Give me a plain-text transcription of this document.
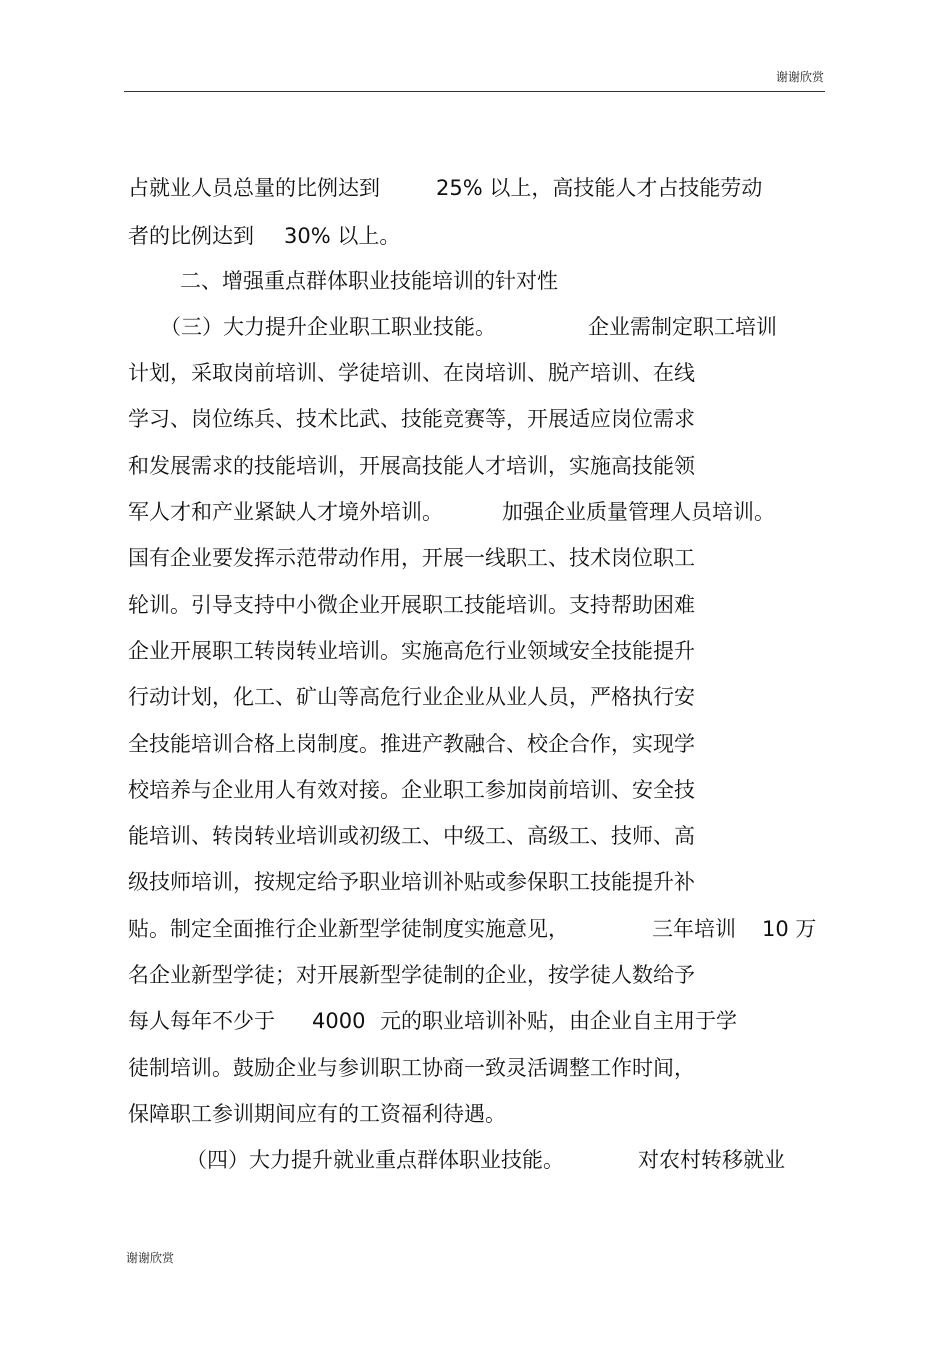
谢谢欣赏
占就业人员总量的比例达到	25% 以上，高技能人才占技能劳动
者的比例达到 30% 以上。
二、增强重点群体职业技能培训的针对性
（三）大力提升企业职工职业技能。	企业需制定职工培训
计划，采取岗前培训、学徒培训、在岗培训、脱产培训、在线
学习、岗位练兵、技术比武、技能竞赛等，开展适应岗位需求
和发展需求的技能培训，开展高技能人才培训，实施高技能领
军人才和产业紧缺人才境外培训。	加强企业质量管理人员培训。
国有企业要发挥示范带动作用，开展一线职工、技术岗位职工
轮训。引导支持中小微企业开展职工技能培训。支持帮助困难
企业开展职工转岗转业培训。实施高危行业领域安全技能提升
行动计划，化工、矿山等高危行业企业从业人员，严格执行安
全技能培训合格上岗制度。推进产教融合、校企合作，实现学
校培养与企业用人有效对接。企业职工参加岗前培训、安全技
能培训、转岗转业培训或初级工、中级工、高级工、技师、高
级技师培训，按规定给予职业培训补贴或参保职工技能提升补
贴。制定全面推行企业新型学徒制度实施意见，	三年培训 10 万
名企业新型学徒；对开展新型学徒制的企业，按学徒人数给予
每人每年不少于 4000 元的职业培训补贴，由企业自主用于学
徒制培训。鼓励企业与参训职工协商一致灵活调整工作时间，
保障职工参训期间应有的工资福利待遇。
（四）大力提升就业重点群体职业技能。	对农村转移就业
谢谢欣赏
